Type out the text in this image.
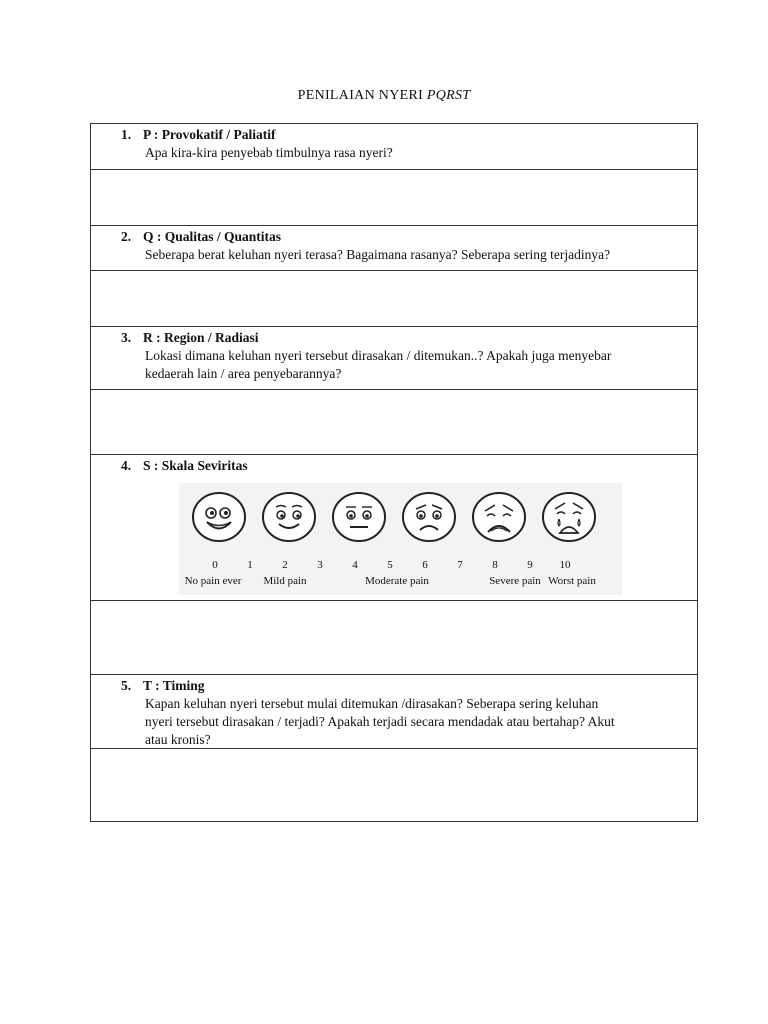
PENILAIAN NYERI PQRST
1. P : Provokatif / Paliatif
Apa kira-kira penyebab timbulnya rasa nyeri?
2. Q : Qualitas / Quantitas
Seberapa berat keluhan nyeri terasa? Bagaimana rasanya? Seberapa sering terjadinya?
3. R : Region / Radiasi
Lokasi dimana keluhan nyeri tersebut dirasakan / ditemukan..? Apakah juga menyebar
kedaerah lain / area penyebarannya?
4. S : Skala Seviritas
0	1	2	3	4	5	6	7	8	9 10
No pain ever Mild pain	Moderate pain	Severe pain Worst pain
5. T : Timing
Kapan keluhan nyeri tersebut mulai ditemukan /dirasakan? Seberapa sering keluhan
nyeri tersebut dirasakan / terjadi? Apakah terjadi secara mendadak atau bertahap? Akut
atau kronis?
